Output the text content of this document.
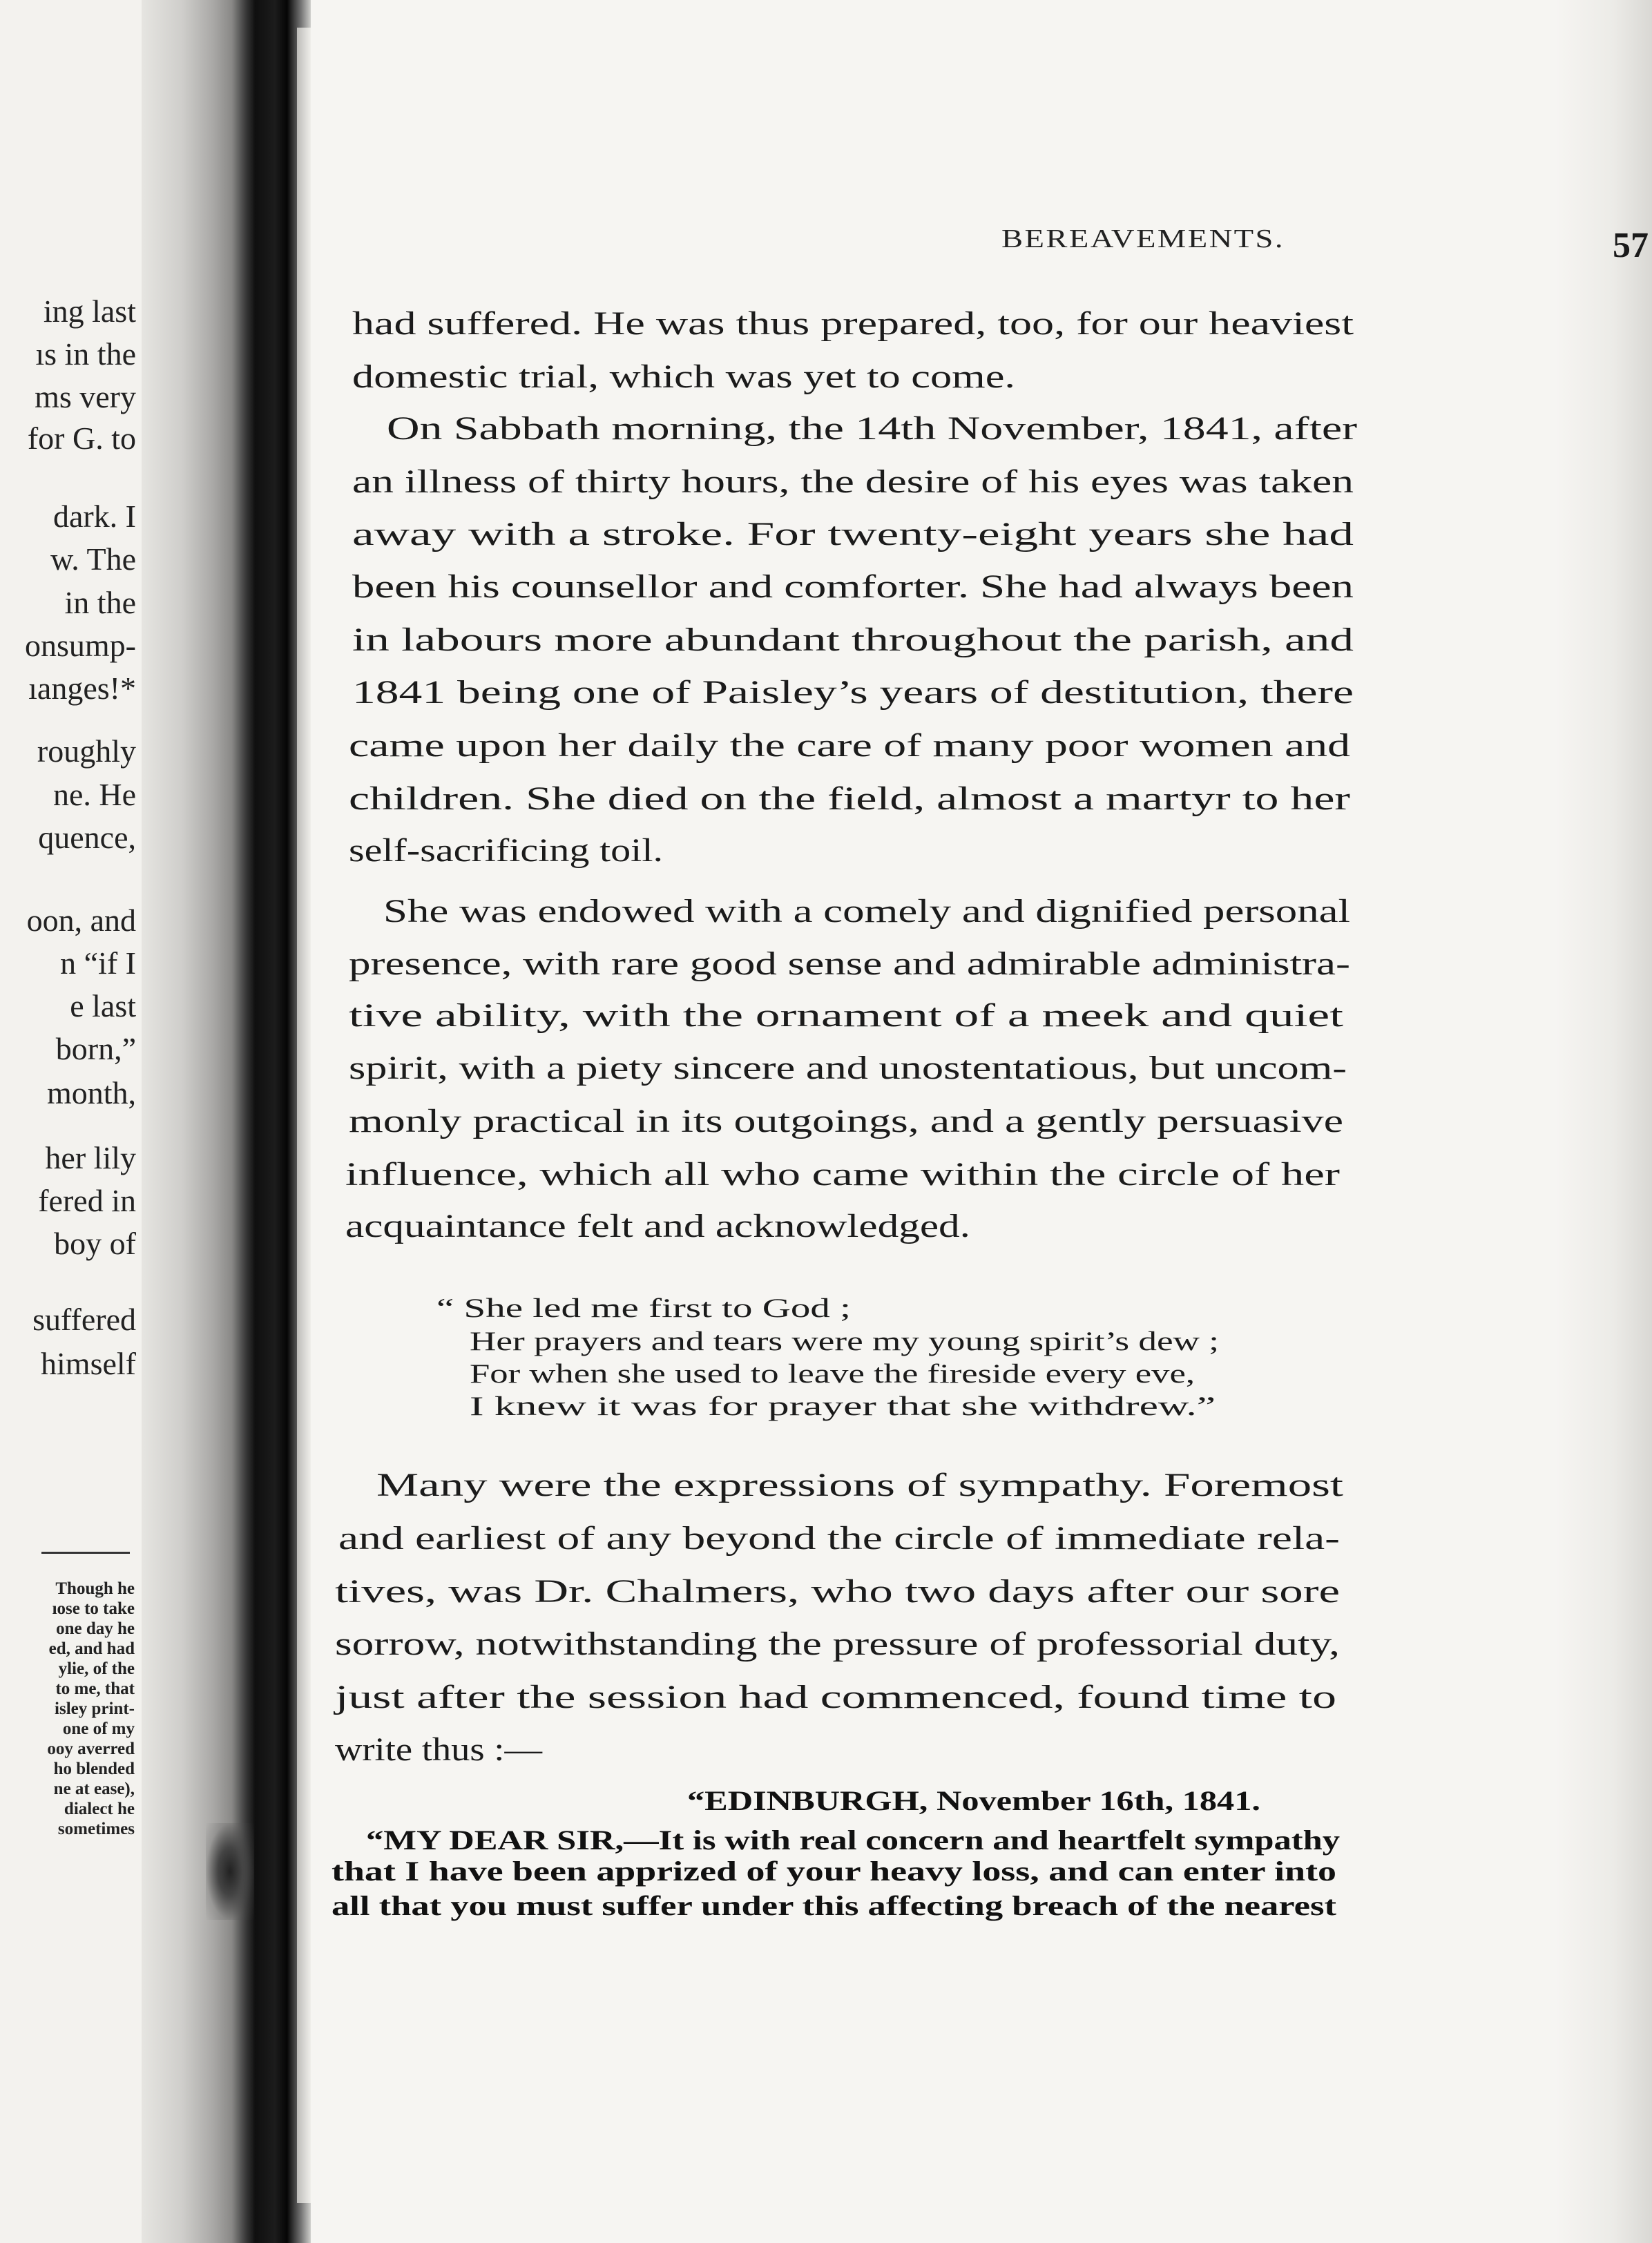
ing last
ıs in the
ms very
for G. to
dark. I
w. The
in the
onsump-
ıanges!*
roughly
ne. He
quence,
oon, and
n “if I
e last
born,”
month,
her lily
fered in
boy of
suffered
himself
Though he
ıose to take
one day he
ed, and had
ylie, of the
to me, that
isley print-
one of my
ooy averred
ho blended
ne at ease),
dialect he
sometimes
BEREAVEMENTS.	57
had suffered. He was thus prepared, too, for our heaviest
domestic trial, which was yet to come.
On Sabbath morning, the 14th November, 1841, after
an illness of thirty hours, the desire of his eyes was taken
away with a stroke. For twenty-eight years she had
been his counsellor and comforter. She had always been
in labours more abundant throughout the parish, and
1841 being one of Paisley’s years of destitution, there
came upon her daily the care of many poor women and
children. She died on the field, almost a martyr to her
self-sacrificing toil.
She was endowed with a comely and dignified personal
presence, with rare good sense and admirable administra-
tive ability, with the ornament of a meek and quiet
spirit, with a piety sincere and unostentatious, but uncom-
monly practical in its outgoings, and a gently persuasive
influence, which all who came within the circle of her
acquaintance felt and acknowledged.
“ She led me first to God ;
Her prayers and tears were my young spirit’s dew ;
For when she used to leave the fireside every eve,
I knew it was for prayer that she withdrew.”
Many were the expressions of sympathy. Foremost
and earliest of any beyond the circle of immediate rela-
tives, was Dr. Chalmers, who two days after our sore
sorrow, notwithstanding the pressure of professorial duty,
just after the session had commenced, found time to
write thus :—
“EDINBURGH, November 16th, 1841.
“MY DEAR SIR,—It is with real concern and heartfelt sympathy
that I have been apprized of your heavy loss, and can enter into
all that you must suffer under this affecting breach of the nearest
